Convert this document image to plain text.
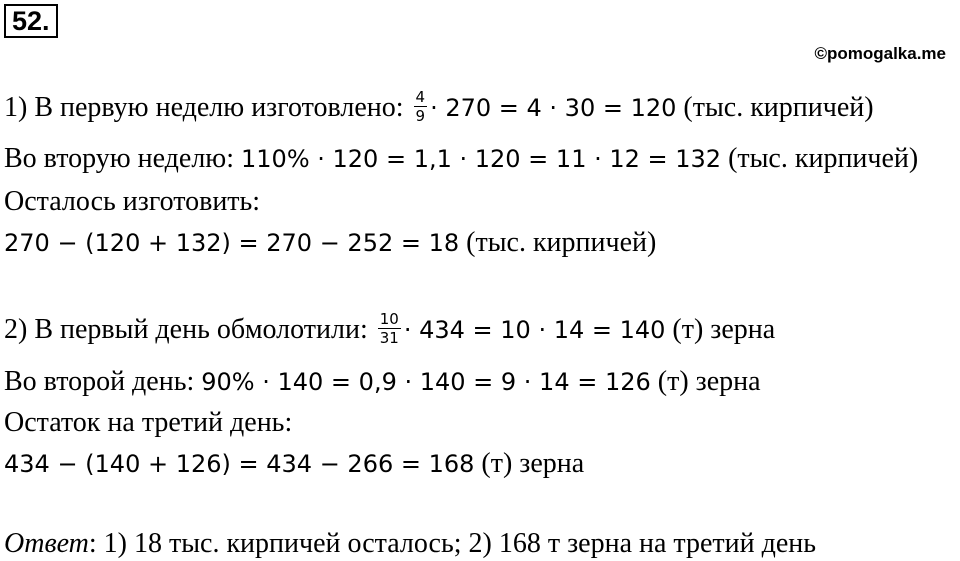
52.
©pomogalka.me
1) В первую неделю изготовлено: $\frac{4}{9} \cdot 270 = 4 \cdot 30 = 120$ (тыс. кирпичей)
Во вторую неделю: 110% · 120 = 1,1 · 120 = 11 · 12 = 132 (тыс. кирпичей)
Осталось изготовить:
270 − (120 + 132) = 270 − 252 = 18 (тыс. кирпичей)
2) В первый день обмолотили: $\frac{10}{31} \cdot 434 = 10 \cdot 14 = 140$ (т) зерна
Во второй день: 90% · 140 = 0,9 · 140 = 9 · 14 = 126 (т) зерна
Остаток на третий день:
434 − (140 + 126) = 434 − 266 = 168 (т) зерна
Ответ: 1) 18 тыс. кирпичей осталось; 2) 168 т зерна на третий день
